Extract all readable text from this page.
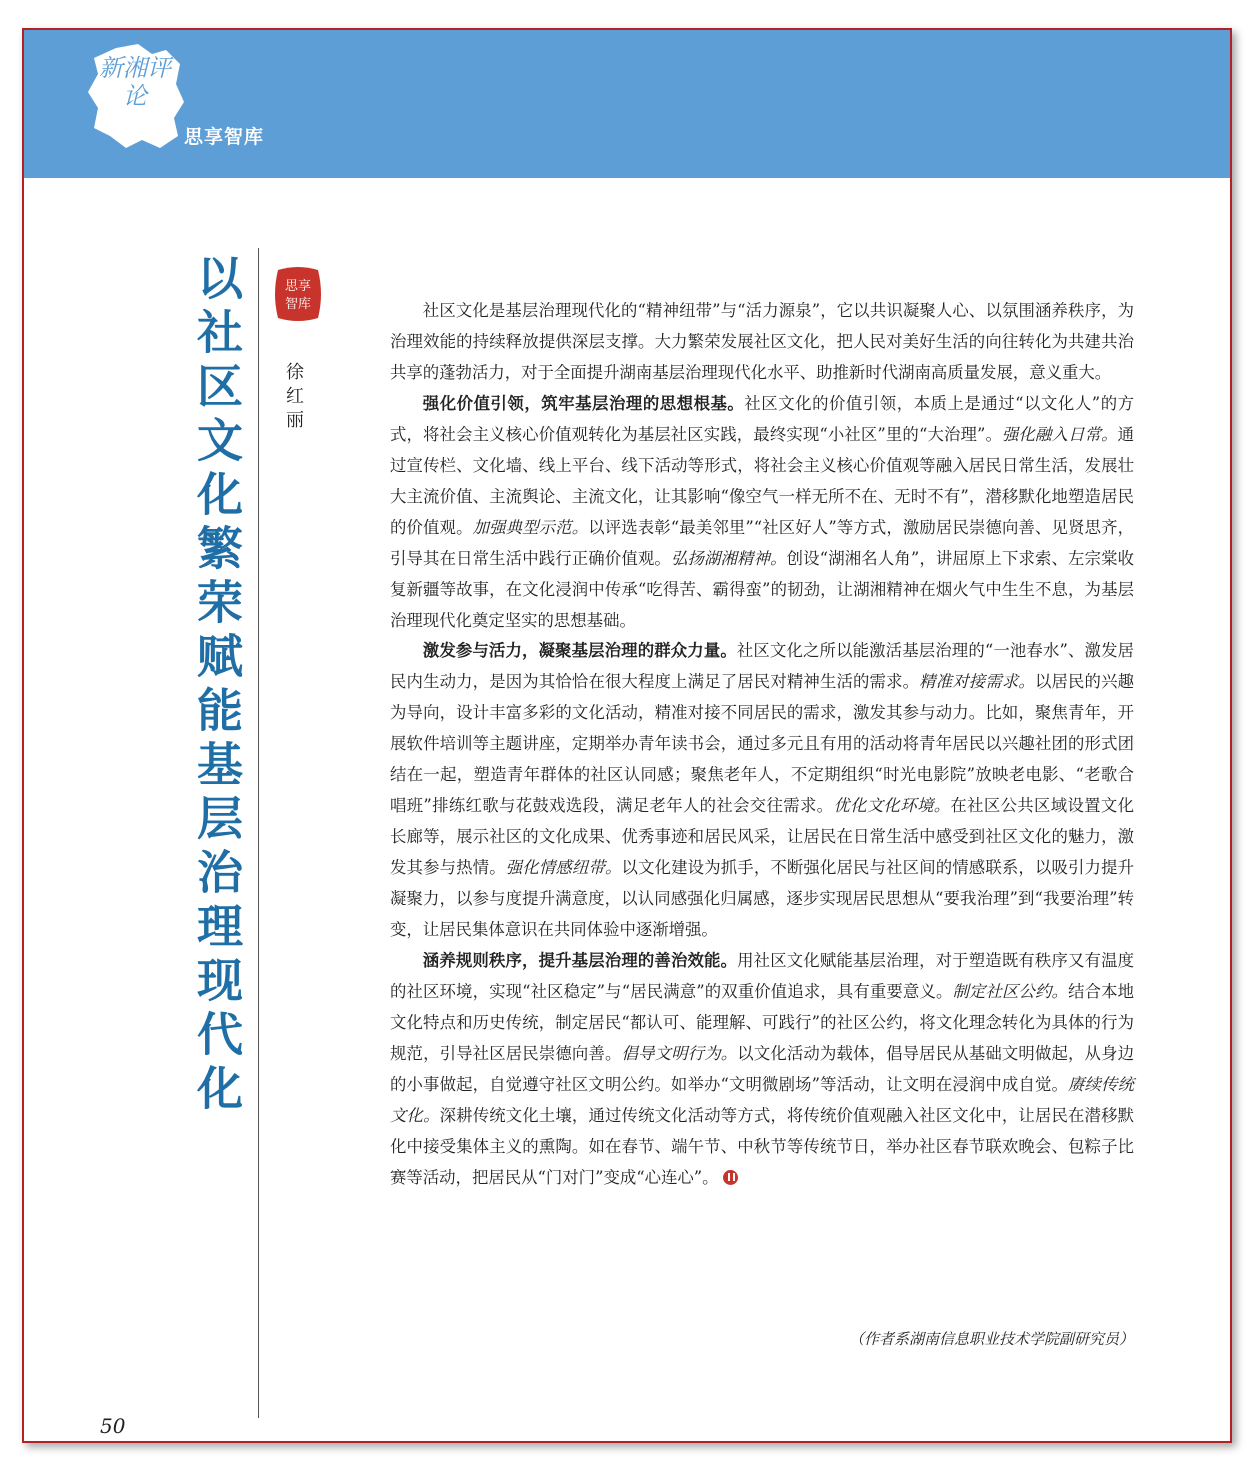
新湘评论
思享智库
以社区文化繁荣赋能基层治理现代化	思享
智库
徐红丽

社区文化是基层治理现代化的“精神纽带”与“活力源泉”，它以共识凝聚人心、以氛围涵养秩序，为治理效能的持续释放提供深层支撑。大力繁荣发展社区文化，把人民对美好生活的向往转化为共建共治共享的蓬勃活力，对于全面提升湖南基层治理现代化水平、助推新时代湖南高质量发展，意义重大。

强化价值引领，筑牢基层治理的思想根基。社区文化的价值引领，本质上是通过“以文化人”的方式，将社会主义核心价值观转化为基层社区实践，最终实现“小社区”里的“大治理”。强化融入日常。通过宣传栏、文化墙、线上平台、线下活动等形式，将社会主义核心价值观等融入居民日常生活，发展壮大主流价值、主流舆论、主流文化，让其影响“像空气一样无所不在、无时不有”，潜移默化地塑造居民的价值观。加强典型示范。以评选表彰“最美邻里”“社区好人”等方式，激励居民崇德向善、见贤思齐，引导其在日常生活中践行正确价值观。弘扬湖湘精神。创设“湖湘名人角”，讲屈原上下求索、左宗棠收复新疆等故事，在文化浸润中传承“吃得苦、霸得蛮”的韧劲，让湖湘精神在烟火气中生生不息，为基层治理现代化奠定坚实的思想基础。

激发参与活力，凝聚基层治理的群众力量。社区文化之所以能激活基层治理的“一池春水”、激发居民内生动力，是因为其恰恰在很大程度上满足了居民对精神生活的需求。精准对接需求。以居民的兴趣为导向，设计丰富多彩的文化活动，精准对接不同居民的需求，激发其参与动力。比如，聚焦青年，开展软件培训等主题讲座，定期举办青年读书会，通过多元且有用的活动将青年居民以兴趣社团的形式团结在一起，塑造青年群体的社区认同感；聚焦老年人，不定期组织“时光电影院”放映老电影、“老歌合唱班”排练红歌与花鼓戏选段，满足老年人的社会交往需求。优化文化环境。在社区公共区域设置文化长廊等，展示社区的文化成果、优秀事迹和居民风采，让居民在日常生活中感受到社区文化的魅力，激发其参与热情。强化情感纽带。以文化建设为抓手，不断强化居民与社区间的情感联系，以吸引力提升凝聚力，以参与度提升满意度，以认同感强化归属感，逐步实现居民思想从“要我治理”到“我要治理”转变，让居民集体意识在共同体验中逐渐增强。

涵养规则秩序，提升基层治理的善治效能。用社区文化赋能基层治理，对于塑造既有秩序又有温度的社区环境，实现“社区稳定”与“居民满意”的双重价值追求，具有重要意义。制定社区公约。结合本地文化特点和历史传统，制定居民“都认可、能理解、可践行”的社区公约，将文化理念转化为具体的行为规范，引导社区居民崇德向善。倡导文明行为。以文化活动为载体，倡导居民从基础文明做起，从身边的小事做起，自觉遵守社区文明公约。如举办“文明微剧场”等活动，让文明在浸润中成自觉。赓续传统文化。深耕传统文化土壤，通过传统文化活动等方式，将传统价值观融入社区文化中，让居民在潜移默化中接受集体主义的熏陶。如在春节、端午节、中秋节等传统节日，举办社区春节联欢晚会、包粽子比赛等活动，把居民从“门对门”变成“心连心”。

（作者系湖南信息职业技术学院副研究员）
50
